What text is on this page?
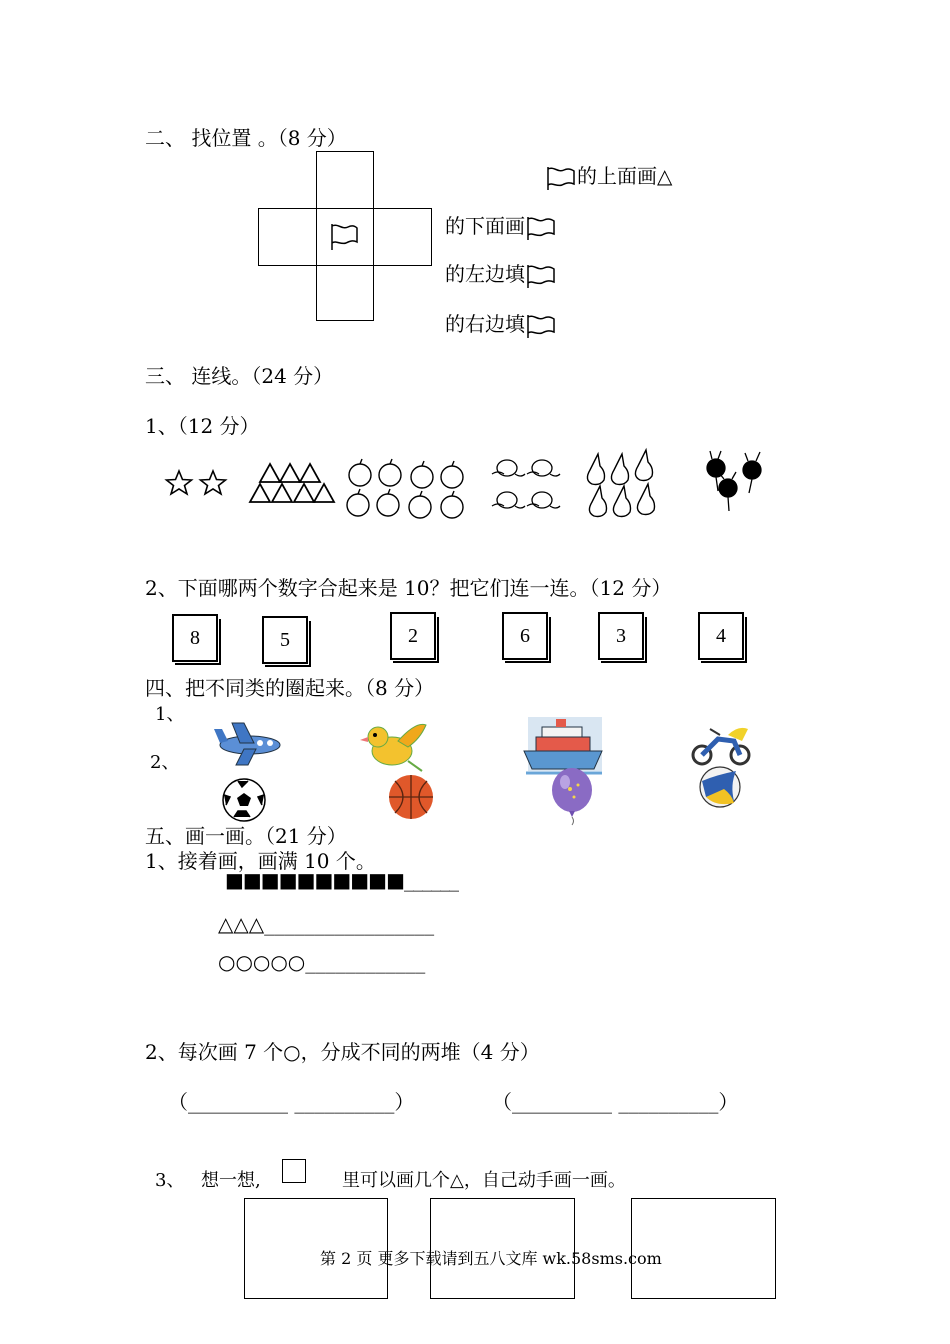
二、 找位置 。（8 分）
的上面画△
的下面画
的左边填
的右边填
三、 连线。（24 分）
1、（12 分）
2、下面哪两个数字合起来是 10？把它们连一连。（12 分）
8	5	2	6	3	4
四、把不同类的圈起来。（8 分）
1、
2、
五、画一画。（21 分）
1、接着画，画满 10 个。
■■■■■■■■■■______
△△△_________________
○○○○○____________
2、每次画 7 个○，分成不同的两堆（4 分）
（__________ __________）	（__________ __________）
3、 想一想,	里可以画几个△，自己动手画一画。
第 2 页 更多下载请到五八文库 wk.58sms.com
